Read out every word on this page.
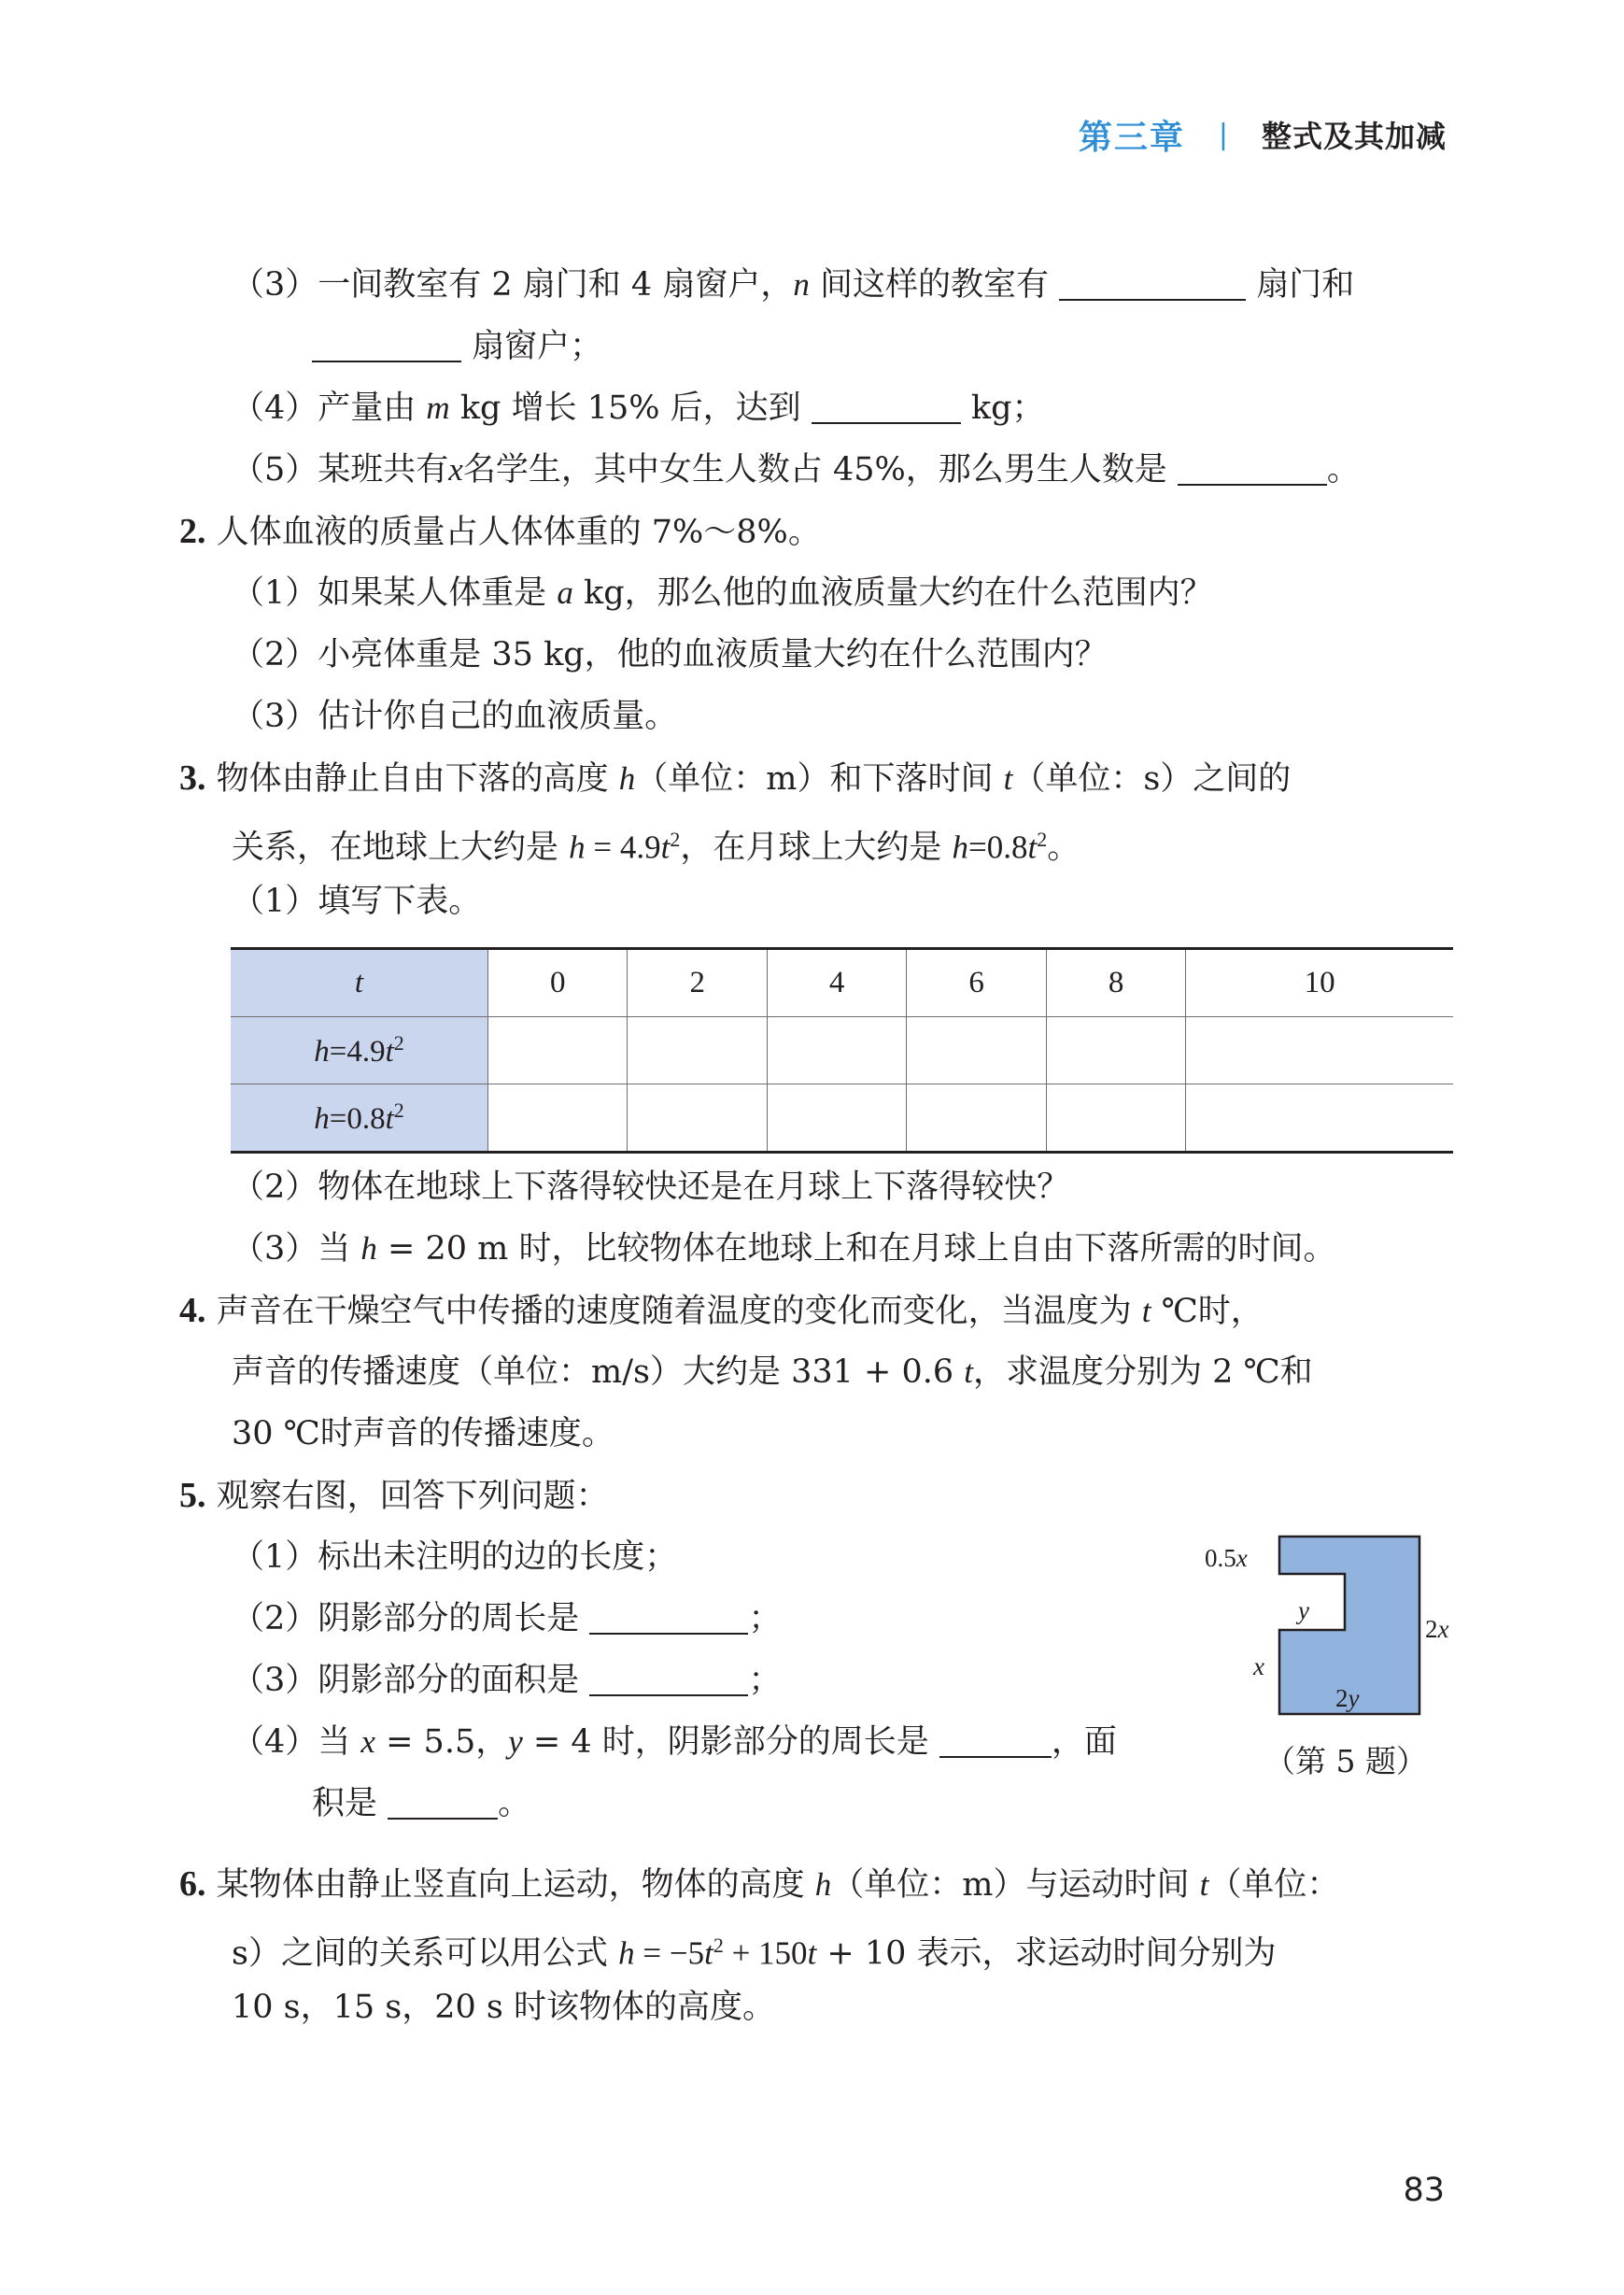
第三章 | 整式及其加减
（3）一间教室有 2 扇门和 4 扇窗户，n 间这样的教室有	扇门和
扇窗户；
（4）产量由 m kg 增长 15% 后，达到	kg；
（5）某班共有x名学生，其中女生人数占 45%，那么男生人数是	。
2. 人体血液的质量占人体体重的 7%～8%。
（1）如果某人体重是 a kg，那么他的血液质量大约在什么范围内？
（2）小亮体重是 35 kg，他的血液质量大约在什么范围内？
（3）估计你自己的血液质量。
3. 物体由静止自由下落的高度 h（单位：m）和下落时间 t（单位：s）之间的
关系，在地球上大约是 $h = 4.9t^2$，在月球上大约是 $h=0.8t^2$。
（1）填写下表。
t	0	2	4	6	8	10
$h=4.9t^2$						
$h=0.8t^2$						
（2）物体在地球上下落得较快还是在月球上下落得较快？
（3）当 h = 20 m 时，比较物体在地球上和在月球上自由下落所需的时间。
4. 声音在干燥空气中传播的速度随着温度的变化而变化，当温度为 t ℃时，
声音的传播速度（单位：m/s）大约是 331 + 0.6 t，求温度分别为 2 ℃和
30 ℃时声音的传播速度。
5. 观察右图，回答下列问题：
（1）标出未注明的边的长度；
（2）阴影部分的周长是	；
（3）阴影部分的面积是	；
（4）当 x = 5.5，y = 4 时，阴影部分的周长是	，面
积是	。
0.5x
y
x
2y
2x
（第 5 题）
6. 某物体由静止竖直向上运动，物体的高度 h（单位：m）与运动时间 t（单位：
s）之间的关系可以用公式 $h = -5t^2 + 150t + 10$ 表示，求运动时间分别为
10 s，15 s，20 s 时该物体的高度。
83
